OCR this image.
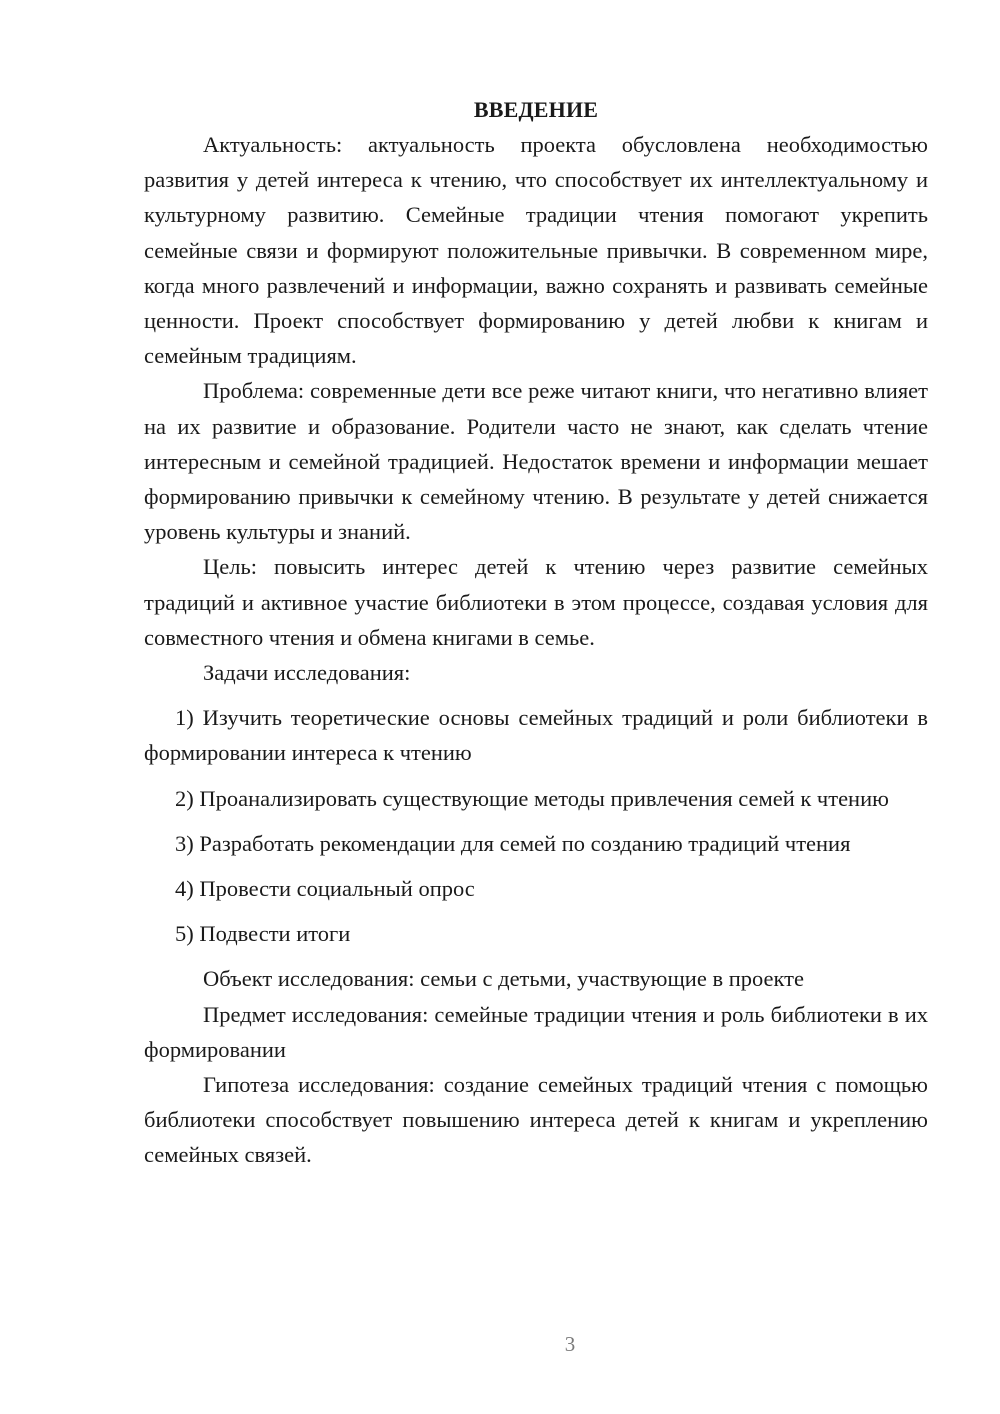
ВВЕДЕНИЕ

Актуальность: актуальность проекта обусловлена необходимостью развития у детей интереса к чтению, что способствует их интеллектуальному и культурному развитию. Семейные традиции чтения помогают укрепить семейные связи и формируют положительные привычки. В современном мире, когда много развлечений и информации, важно сохранять и развивать семейные ценности. Проект способствует формированию у детей любви к книгам и семейным традициям.

Проблема: современные дети все реже читают книги, что негативно влияет на их развитие и образование. Родители часто не знают, как сделать чтение интересным и семейной традицией. Недостаток времени и информации мешает формированию привычки к семейному чтению. В результате у детей снижается уровень культуры и знаний.

Цель: повысить интерес детей к чтению через развитие семейных традиций и активное участие библиотеки в этом процессе, создавая условия для совместного чтения и обмена книгами в семье.

Задачи исследования:

1) Изучить теоретические основы семейных традиций и роли библиотеки в формировании интереса к чтению

2) Проанализировать существующие методы привлечения семей к чтению

3) Разработать рекомендации для семей по созданию традиций чтения

4) Провести социальный опрос

5) Подвести итоги

Объект исследования: семьи с детьми, участвующие в проекте

Предмет исследования: семейные традиции чтения и роль библиотеки в их формировании

Гипотеза исследования: создание семейных традиций чтения с помощью библиотеки способствует повышению интереса детей к книгам и укреплению семейных связей.

3
